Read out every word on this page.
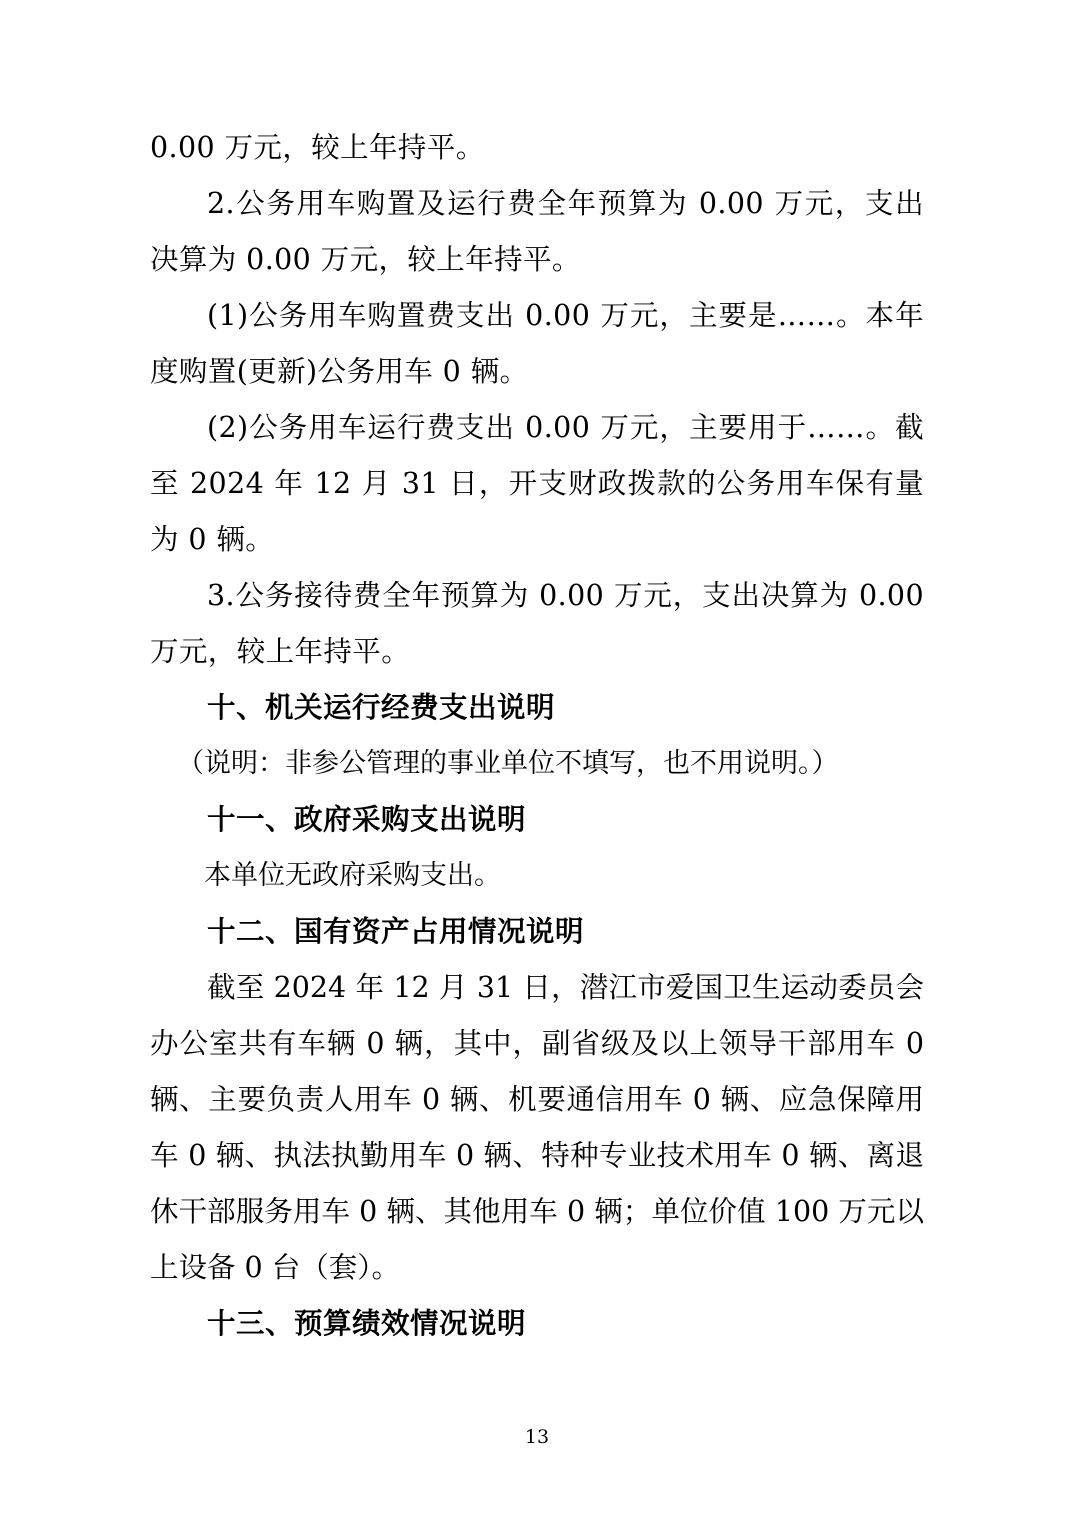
0.00 万元，较上年持平。

2.公务用车购置及运行费全年预算为 0.00 万元，支出决算为 0.00 万元，较上年持平。

(1)公务用车购置费支出 0.00 万元，主要是……。本年度购置(更新)公务用车 0 辆。

(2)公务用车运行费支出 0.00 万元，主要用于……。截至 2024 年 12 月 31 日，开支财政拨款的公务用车保有量为 0 辆。

3.公务接待费全年预算为 0.00 万元，支出决算为 0.00 万元，较上年持平。

十、机关运行经费支出说明

（说明：非参公管理的事业单位不填写，也不用说明。）

十一、政府采购支出说明

本单位无政府采购支出。

十二、国有资产占用情况说明

截至 2024 年 12 月 31 日，潜江市爱国卫生运动委员会办公室共有车辆 0 辆，其中，副省级及以上领导干部用车 0 辆、主要负责人用车 0 辆、机要通信用车 0 辆、应急保障用车 0 辆、执法执勤用车 0 辆、特种专业技术用车 0 辆、离退休干部服务用车 0 辆、其他用车 0 辆；单位价值 100 万元以上设备 0 台（套）。

十三、预算绩效情况说明
13
